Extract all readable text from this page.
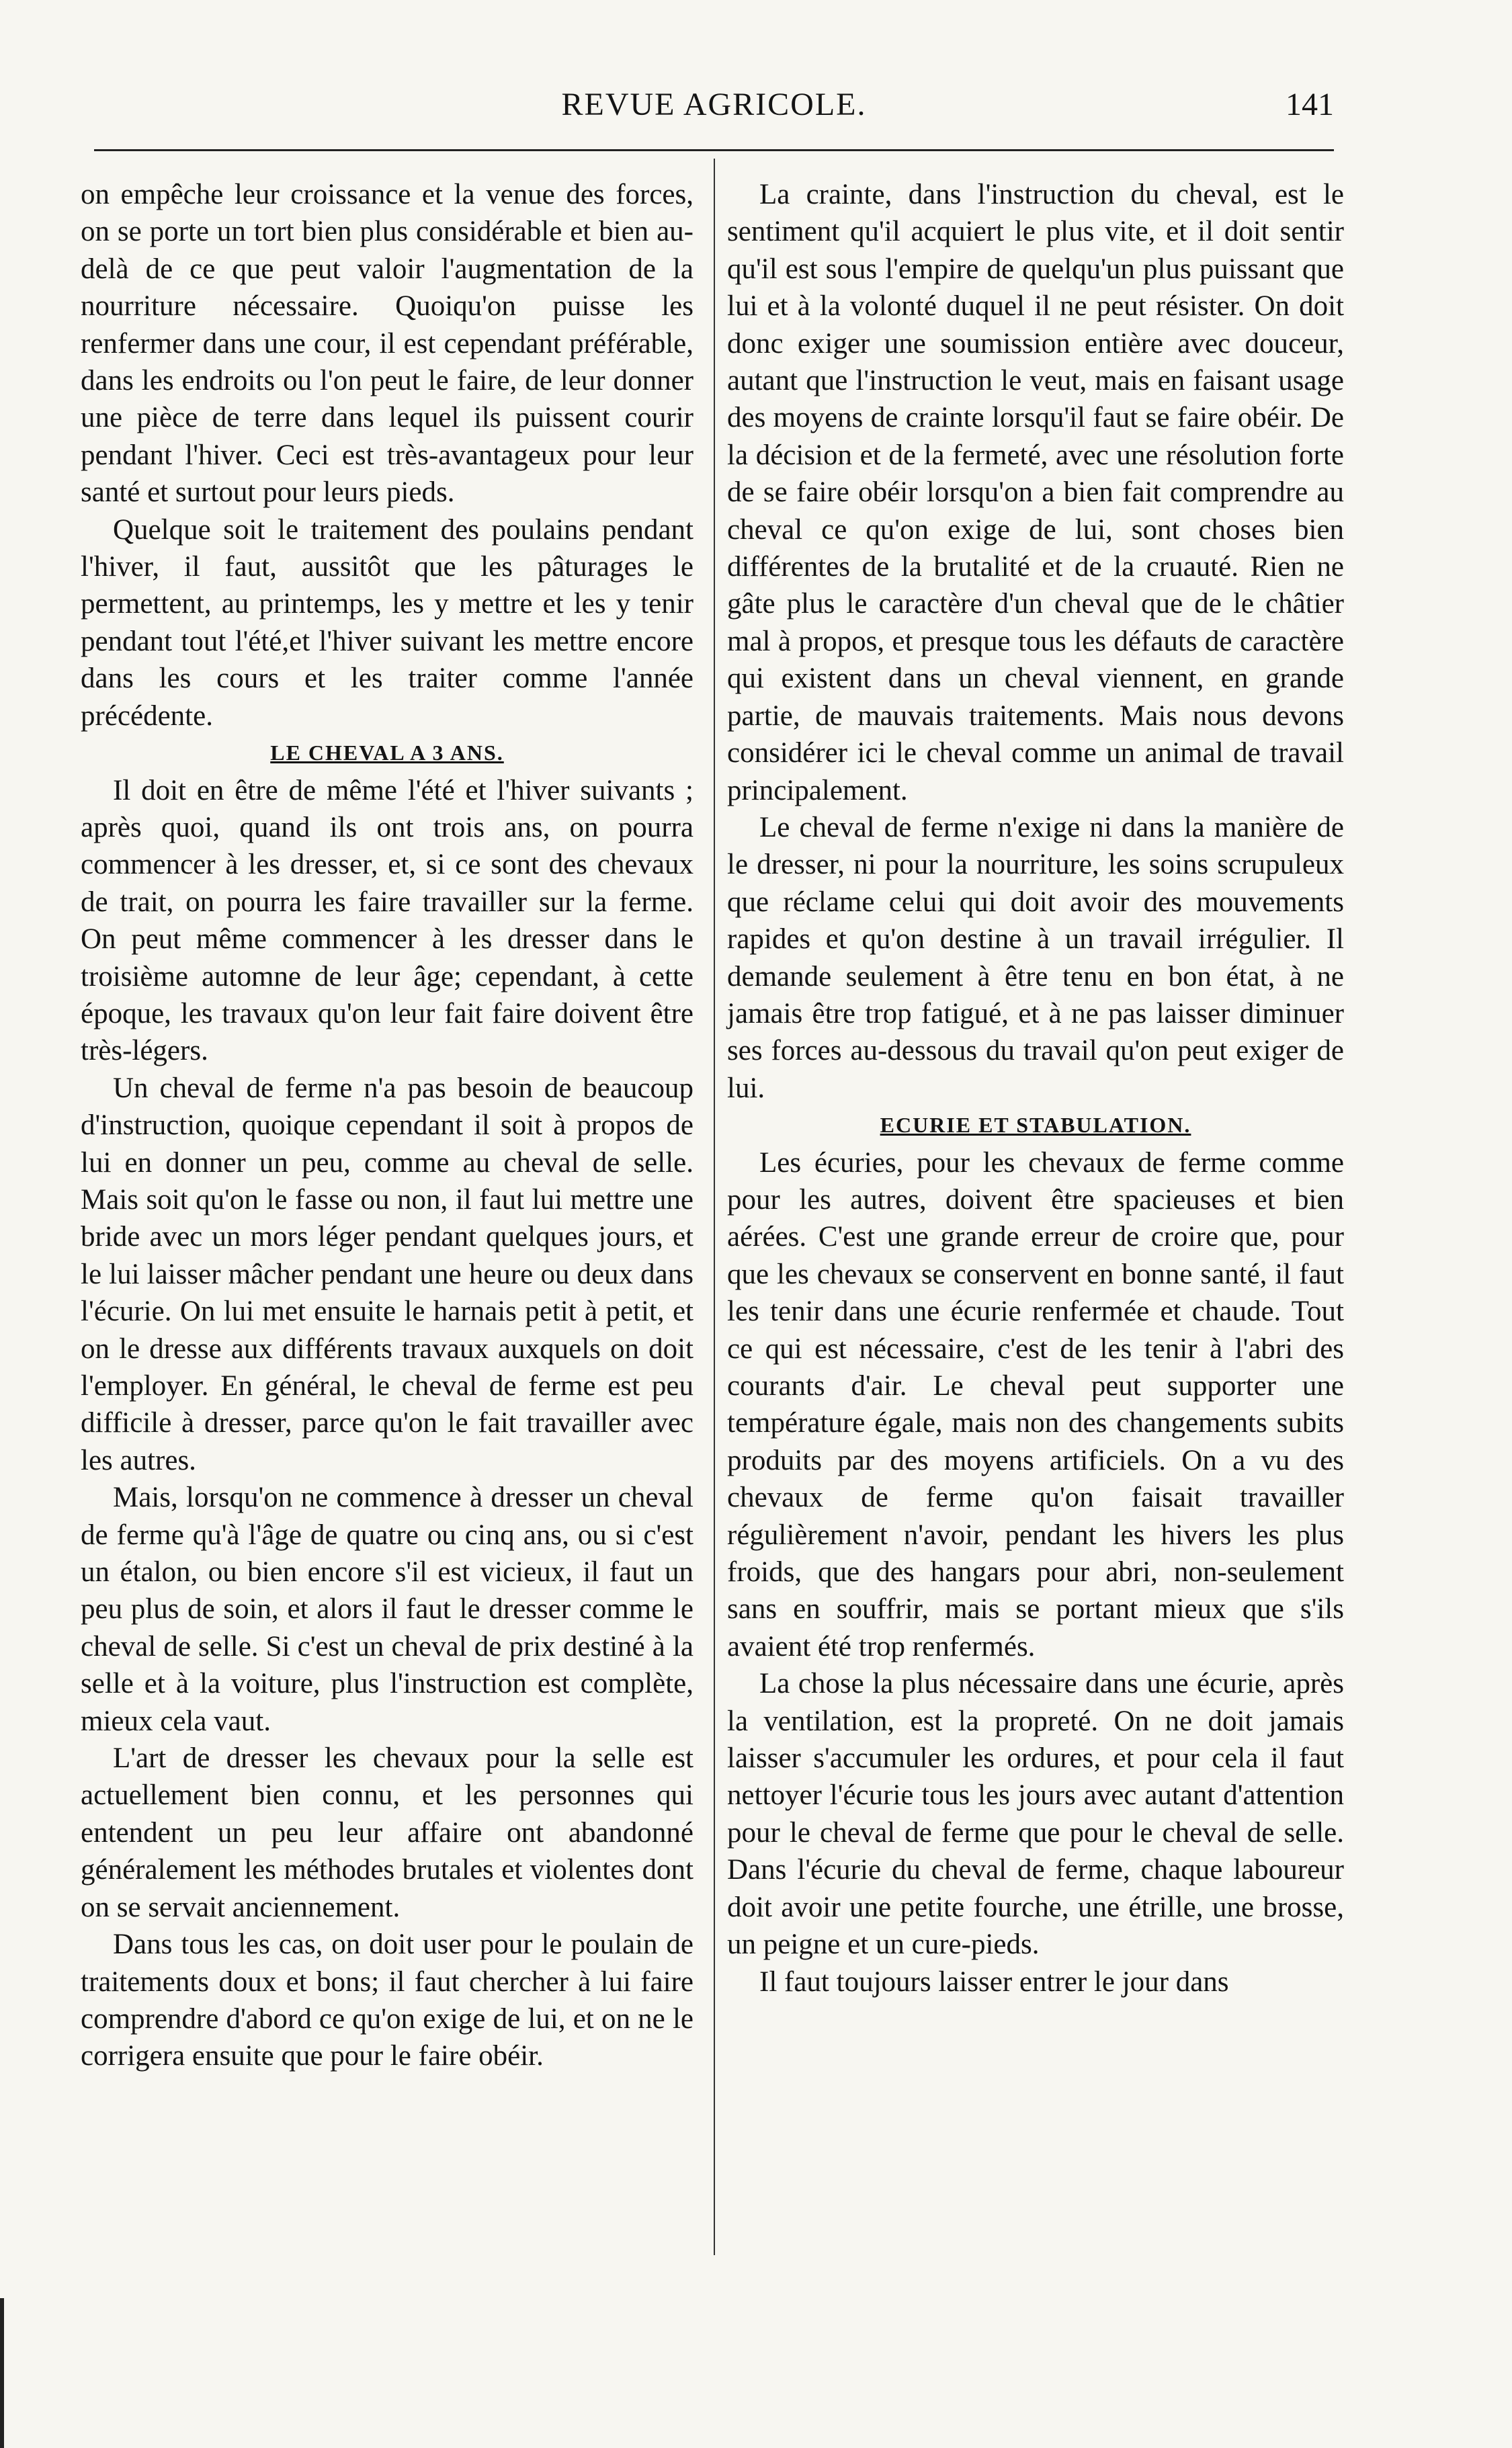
REVUE AGRICOLE.	141

on empêche leur croissance et la venue des forces, on se porte un tort bien plus considérable et bien au-delà de ce que peut valoir l'augmentation de la nourriture nécessaire. Quoiqu'on puisse les renfermer dans une cour, il est cependant préférable, dans les endroits ou l'on peut le faire, de leur donner une pièce de terre dans lequel ils puissent courir pendant l'hiver. Ceci est très-avantageux pour leur santé et surtout pour leurs pieds.

Quelque soit le traitement des poulains pendant l'hiver, il faut, aussitôt que les pâturages le permettent, au printemps, les y mettre et les y tenir pendant tout l'été,et l'hiver suivant les mettre encore dans les cours et les traiter comme l'année précédente.

LE CHEVAL A 3 ANS.

Il doit en être de même l'été et l'hiver suivants ; après quoi, quand ils ont trois ans, on pourra commencer à les dresser, et, si ce sont des chevaux de trait, on pourra les faire travailler sur la ferme. On peut même commencer à les dresser dans le troisième automne de leur âge; cependant, à cette époque, les travaux qu'on leur fait faire doivent être très-légers.

Un cheval de ferme n'a pas besoin de beaucoup d'instruction, quoique cependant il soit à propos de lui en donner un peu, comme au cheval de selle. Mais soit qu'on le fasse ou non, il faut lui mettre une bride avec un mors léger pendant quelques jours, et le lui laisser mâcher pendant une heure ou deux dans l'écurie. On lui met ensuite le harnais petit à petit, et on le dresse aux différents travaux auxquels on doit l'employer. En général, le cheval de ferme est peu difficile à dresser, parce qu'on le fait travailler avec les autres.

Mais, lorsqu'on ne commence à dresser un cheval de ferme qu'à l'âge de quatre ou cinq ans, ou si c'est un étalon, ou bien encore s'il est vicieux, il faut un peu plus de soin, et alors il faut le dresser comme le cheval de selle. Si c'est un cheval de prix destiné à la selle et à la voiture, plus l'instruction est complète, mieux cela vaut.

L'art de dresser les chevaux pour la selle est actuellement bien connu, et les personnes qui entendent un peu leur affaire ont abandonné généralement les méthodes brutales et violentes dont on se servait anciennement.

Dans tous les cas, on doit user pour le poulain de traitements doux et bons; il faut chercher à lui faire comprendre d'abord ce qu'on exige de lui, et on ne le corrigera ensuite que pour le faire obéir.

La crainte, dans l'instruction du cheval, est le sentiment qu'il acquiert le plus vite, et il doit sentir qu'il est sous l'empire de quelqu'un plus puissant que lui et à la volonté duquel il ne peut résister. On doit donc exiger une soumission entière avec douceur, autant que l'instruction le veut, mais en faisant usage des moyens de crainte lorsqu'il faut se faire obéir. De la décision et de la fermeté, avec une résolution forte de se faire obéir lorsqu'on a bien fait comprendre au cheval ce qu'on exige de lui, sont choses bien différentes de la brutalité et de la cruauté. Rien ne gâte plus le caractère d'un cheval que de le châtier mal à propos, et presque tous les défauts de caractère qui existent dans un cheval viennent, en grande partie, de mauvais traitements. Mais nous devons considérer ici le cheval comme un animal de travail principalement.

Le cheval de ferme n'exige ni dans la manière de le dresser, ni pour la nourriture, les soins scrupuleux que réclame celui qui doit avoir des mouvements rapides et qu'on destine à un travail irrégulier. Il demande seulement à être tenu en bon état, à ne jamais être trop fatigué, et à ne pas laisser diminuer ses forces au-dessous du travail qu'on peut exiger de lui.

ECURIE ET STABULATION.

Les écuries, pour les chevaux de ferme comme pour les autres, doivent être spacieuses et bien aérées. C'est une grande erreur de croire que, pour que les chevaux se conservent en bonne santé, il faut les tenir dans une écurie renfermée et chaude. Tout ce qui est nécessaire, c'est de les tenir à l'abri des courants d'air. Le cheval peut supporter une température égale, mais non des changements subits produits par des moyens artificiels. On a vu des chevaux de ferme qu'on faisait travailler régulièrement n'avoir, pendant les hivers les plus froids, que des hangars pour abri, non-seulement sans en souffrir, mais se portant mieux que s'ils avaient été trop renfermés.

La chose la plus nécessaire dans une écurie, après la ventilation, est la propreté. On ne doit jamais laisser s'accumuler les ordures, et pour cela il faut nettoyer l'écurie tous les jours avec autant d'attention pour le cheval de ferme que pour le cheval de selle. Dans l'écurie du cheval de ferme, chaque laboureur doit avoir une petite fourche, une étrille, une brosse, un peigne et un cure-pieds.

Il faut toujours laisser entrer le jour dans
